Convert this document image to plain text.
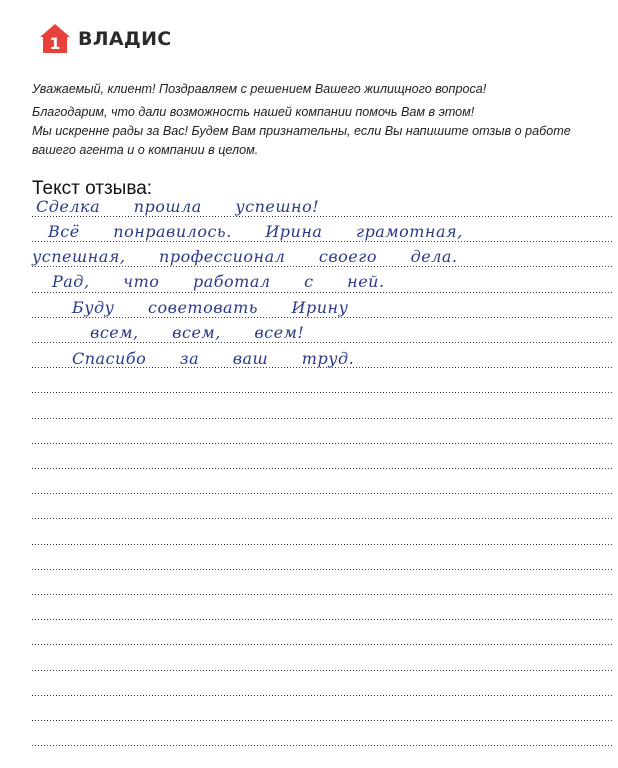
1 ВЛАДИС

Уважаемый, клиент! Поздравляем с решением Вашего жилищного вопроса!

Благодарим, что дали возможность нашей компании помочь Вам в этом!
Мы искренне рады за Вас! Будем Вам признательны, если Вы напишите отзыв о работе
вашего агента и о компании в целом.

Текст отзыва:
Сделка прошла успешно!
Всё понравилось. Ирина грамотная,
успешная, профессионал своего дела.
Рад, что работал с ней.
Буду советовать Ирину
всем, всем, всем!
Спасибо за ваш труд.
